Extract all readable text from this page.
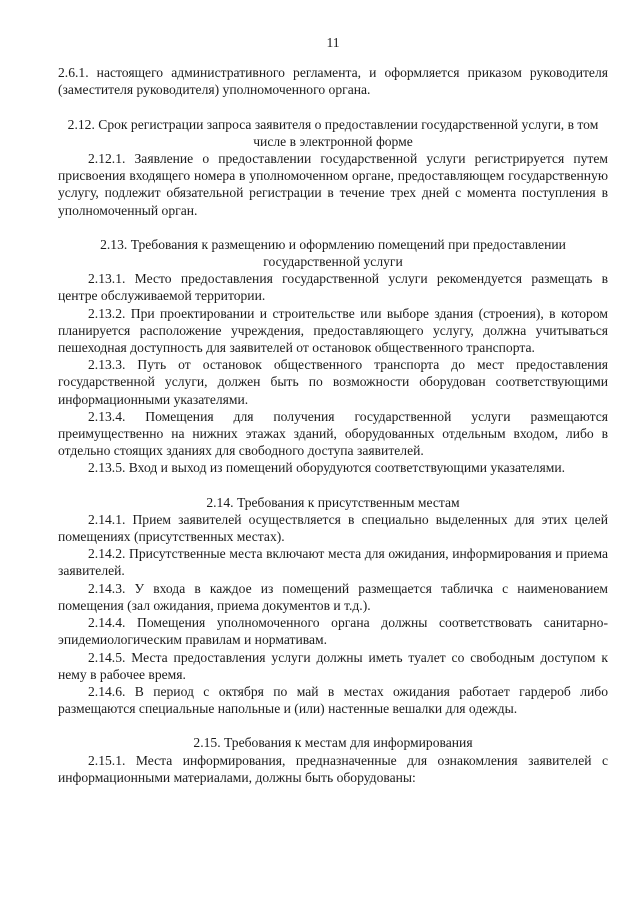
11

2.6.1. настоящего административного регламента, и оформляется приказом руководителя (заместителя руководителя) уполномоченного органа.

2.12. Срок регистрации запроса заявителя о предоставлении государственной услуги, в том числе в электронной форме

2.12.1. Заявление о предоставлении государственной услуги регистрируется путем присвоения входящего номера в уполномоченном органе, предоставляющем государственную услугу, подлежит обязательной регистрации в течение трех дней с момента поступления в уполномоченный орган.

2.13. Требования к размещению и оформлению помещений при предоставлении государственной услуги

2.13.1. Место предоставления государственной услуги рекомендуется размещать в центре обслуживаемой территории.

2.13.2. При проектировании и строительстве или выборе здания (строения), в котором планируется расположение учреждения, предоставляющего услугу, должна учитываться пешеходная доступность для заявителей от остановок общественного транспорта.

2.13.3. Путь от остановок общественного транспорта до мест предоставления государственной услуги, должен быть по возможности оборудован соответствующими информационными указателями.

2.13.4. Помещения для получения государственной услуги размещаются преимущественно на нижних этажах зданий, оборудованных отдельным входом, либо в отдельно стоящих зданиях для свободного доступа заявителей.

2.13.5. Вход и выход из помещений оборудуются соответствующими указателями.

2.14. Требования к присутственным местам

2.14.1. Прием заявителей осуществляется в специально выделенных для этих целей помещениях (присутственных местах).

2.14.2. Присутственные места включают места для ожидания, информирования и приема заявителей.

2.14.3. У входа в каждое из помещений размещается табличка с наименованием помещения (зал ожидания, приема документов и т.д.).

2.14.4. Помещения уполномоченного органа должны соответствовать санитарно-эпидемиологическим правилам и нормативам.

2.14.5. Места предоставления услуги должны иметь туалет со свободным доступом к нему в рабочее время.

2.14.6. В период с октября по май в местах ожидания работает гардероб либо размещаются специальные напольные и (или) настенные вешалки для одежды.

2.15. Требования к местам для информирования

2.15.1. Места информирования, предназначенные для ознакомления заявителей с информационными материалами, должны быть оборудованы:
